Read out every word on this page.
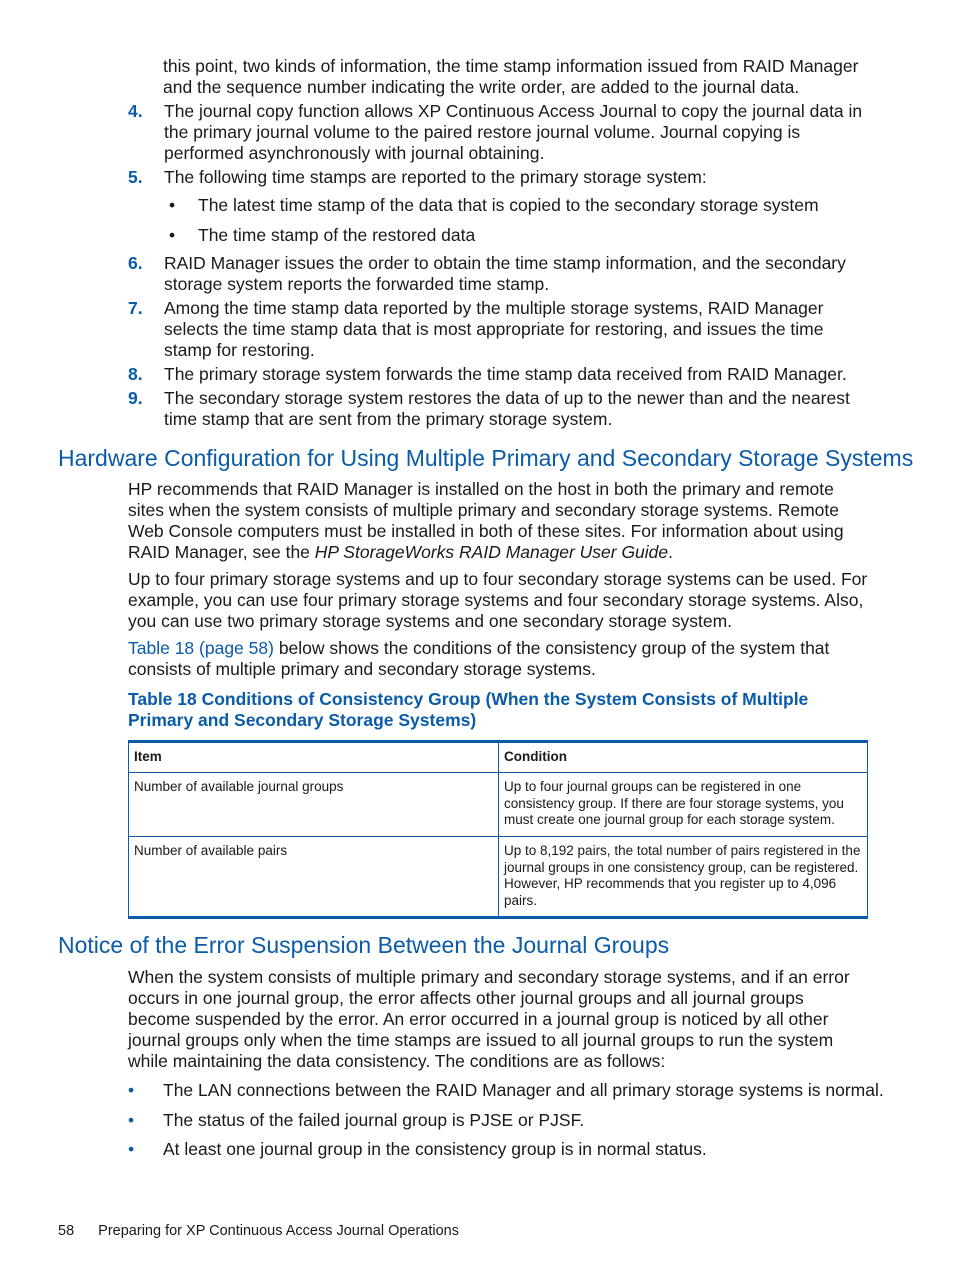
this point, two kinds of information, the time stamp information issued from RAID Manager and the sequence number indicating the write order, are added to the journal data.
4. The journal copy function allows XP Continuous Access Journal to copy the journal data in the primary journal volume to the paired restore journal volume. Journal copying is performed asynchronously with journal obtaining.
5. The following time stamps are reported to the primary storage system:
• The latest time stamp of the data that is copied to the secondary storage system
• The time stamp of the restored data
6. RAID Manager issues the order to obtain the time stamp information, and the secondary storage system reports the forwarded time stamp.
7. Among the time stamp data reported by the multiple storage systems, RAID Manager selects the time stamp data that is most appropriate for restoring, and issues the time stamp for restoring.
8. The primary storage system forwards the time stamp data received from RAID Manager.
9. The secondary storage system restores the data of up to the newer than and the nearest time stamp that are sent from the primary storage system.
Hardware Configuration for Using Multiple Primary and Secondary Storage Systems
HP recommends that RAID Manager is installed on the host in both the primary and remote sites when the system consists of multiple primary and secondary storage systems. Remote Web Console computers must be installed in both of these sites. For information about using RAID Manager, see the HP StorageWorks RAID Manager User Guide.
Up to four primary storage systems and up to four secondary storage systems can be used. For example, you can use four primary storage systems and four secondary storage systems. Also, you can use two primary storage systems and one secondary storage system.
Table 18 (page 58) below shows the conditions of the consistency group of the system that consists of multiple primary and secondary storage systems.
Table 18 Conditions of Consistency Group (When the System Consists of Multiple Primary and Secondary Storage Systems)
Item	Condition
Number of available journal groups	Up to four journal groups can be registered in one consistency group. If there are four storage systems, you must create one journal group for each storage system.
Number of available pairs	Up to 8,192 pairs, the total number of pairs registered in the journal groups in one consistency group, can be registered. However, HP recommends that you register up to 4,096 pairs.
Notice of the Error Suspension Between the Journal Groups
When the system consists of multiple primary and secondary storage systems, and if an error occurs in one journal group, the error affects other journal groups and all journal groups become suspended by the error. An error occurred in a journal group is noticed by all other journal groups only when the time stamps are issued to all journal groups to run the system while maintaining the data consistency. The conditions are as follows:
• The LAN connections between the RAID Manager and all primary storage systems is normal.
• The status of the failed journal group is PJSE or PJSF.
• At least one journal group in the consistency group is in normal status.
58 Preparing for XP Continuous Access Journal Operations
